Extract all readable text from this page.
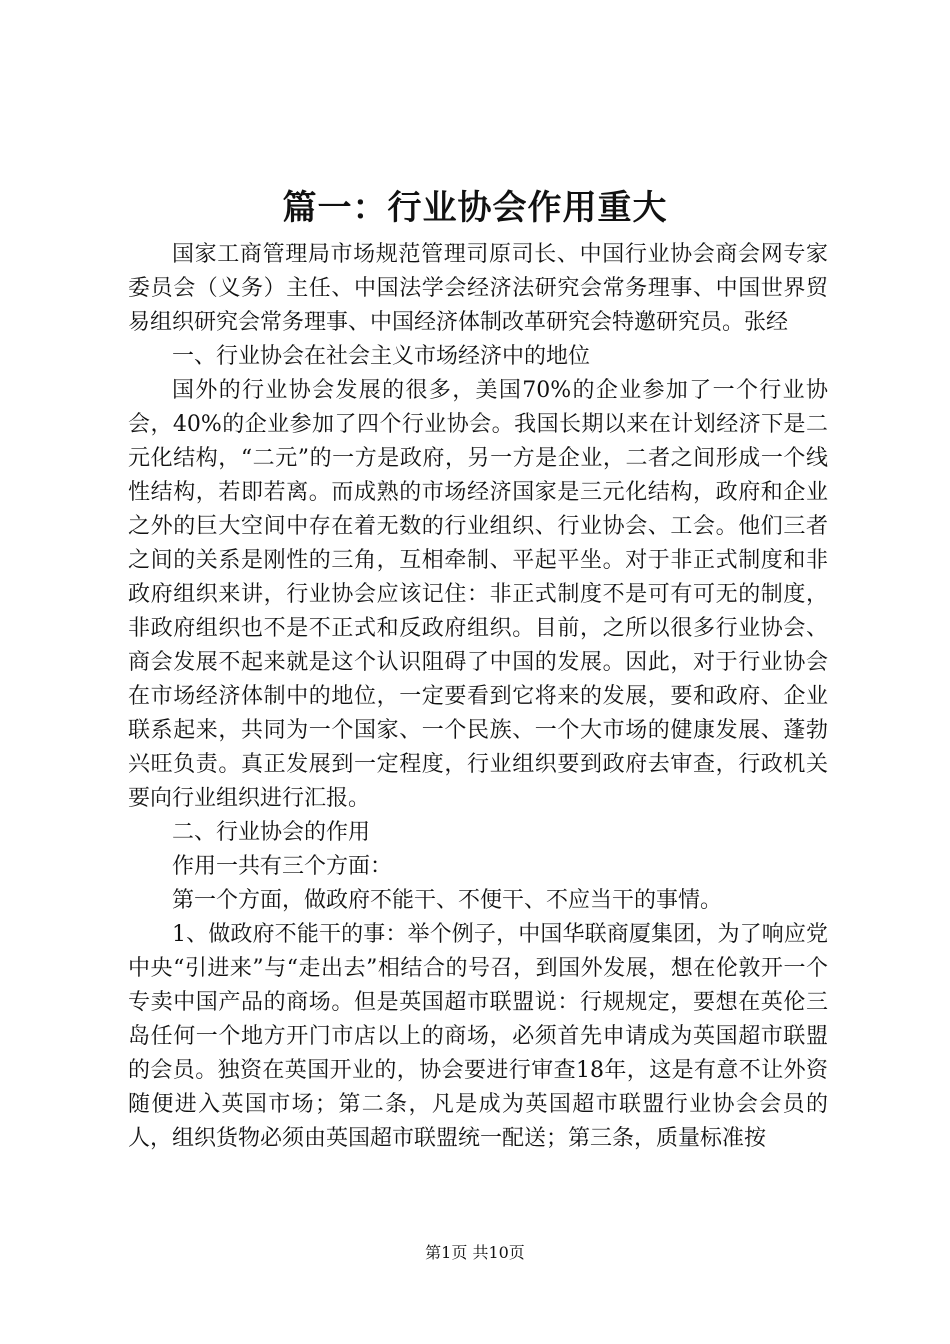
篇一：行业协会作用重大

国家工商管理局市场规范管理司原司长、中国行业协会商会网专家委员会（义务）主任、中国法学会经济法研究会常务理事、中国世界贸易组织研究会常务理事、中国经济体制改革研究会特邀研究员。张经

一、行业协会在社会主义市场经济中的地位

国外的行业协会发展的很多，美国70%的企业参加了一个行业协会，40%的企业参加了四个行业协会。我国长期以来在计划经济下是二元化结构，“二元”的一方是政府，另一方是企业，二者之间形成一个线性结构，若即若离。而成熟的市场经济国家是三元化结构，政府和企业之外的巨大空间中存在着无数的行业组织、行业协会、工会。他们三者之间的关系是刚性的三角，互相牵制、平起平坐。对于非正式制度和非政府组织来讲，行业协会应该记住：非正式制度不是可有可无的制度，非政府组织也不是不正式和反政府组织。目前，之所以很多行业协会、商会发展不起来就是这个认识阻碍了中国的发展。因此，对于行业协会在市场经济体制中的地位，一定要看到它将来的发展，要和政府、企业联系起来，共同为一个国家、一个民族、一个大市场的健康发展、蓬勃兴旺负责。真正发展到一定程度，行业组织要到政府去审查，行政机关要向行业组织进行汇报。

二、行业协会的作用

作用一共有三个方面：

第一个方面，做政府不能干、不便干、不应当干的事情。

1、做政府不能干的事：举个例子，中国华联商厦集团，为了响应党中央“引进来”与“走出去”相结合的号召，到国外发展，想在伦敦开一个专卖中国产品的商场。但是英国超市联盟说：行规规定，要想在英伦三岛任何一个地方开门市店以上的商场，必须首先申请成为英国超市联盟的会员。独资在英国开业的，协会要进行审查18年，这是有意不让外资随便进入英国市场；第二条，凡是成为英国超市联盟行业协会会员的人，组织货物必须由英国超市联盟统一配送；第三条，质量标准按

第1页 共10页
